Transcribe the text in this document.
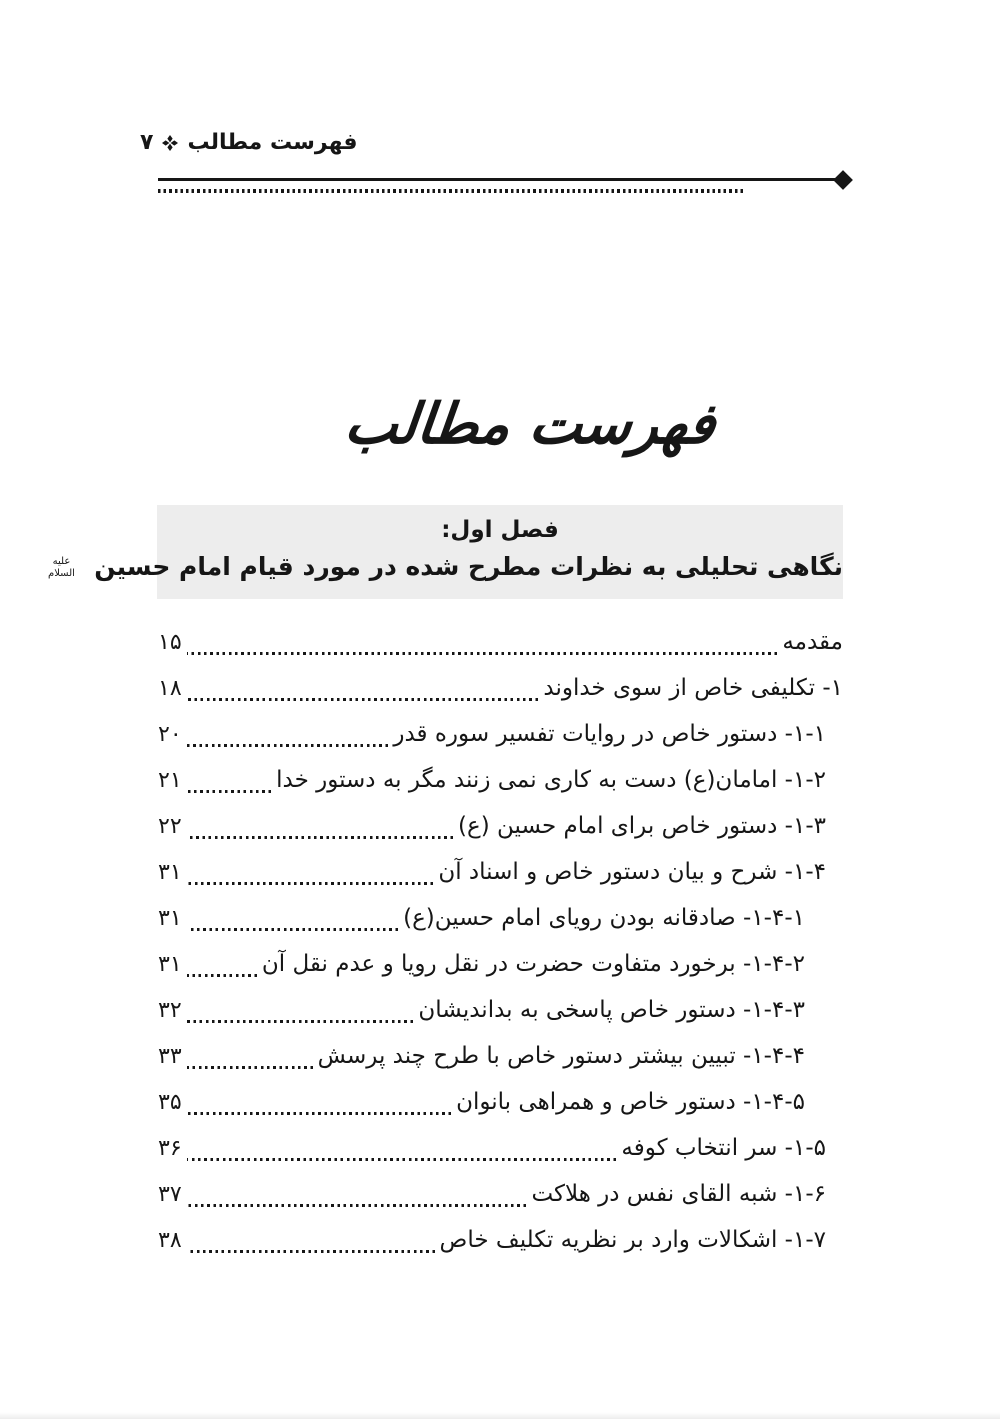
فهرست مطالب
۷
فهرست مطالب
فصل اول:
نگاهی تحلیلی به نظرات مطرح شده در مورد قیام امام حسین علیه السلام
مقدمه
۱۵
۱- تکلیفی خاص از سوی خداوند
۱۸
۱-۱- دستور خاص در روایات تفسیر سوره قدر
۲۰
۱-۲- امامان(ع) دست به کاری نمی زنند مگر به دستور خدا
۲۱
۱-۳- دستور خاص برای امام حسین (ع)
۲۲
۱-۴- شرح و بیان دستور خاص و اسناد آن
۳۱
۱-۴-۱- صادقانه بودن رویای امام حسین(ع)
۳۱
۱-۴-۲- برخورد متفاوت حضرت در نقل رویا و عدم نقل آن
۳۱
۱-۴-۳- دستور خاص پاسخی به بداندیشان
۳۲
۱-۴-۴- تبیین بیشتر دستور خاص با طرح چند پرسش
۳۳
۱-۴-۵- دستور خاص و همراهی بانوان
۳۵
۱-۵- سر انتخاب کوفه
۳۶
۱-۶- شبه القای نفس در هلاکت
۳۷
۱-۷- اشکالات وارد بر نظریه تکلیف خاص
۳۸
